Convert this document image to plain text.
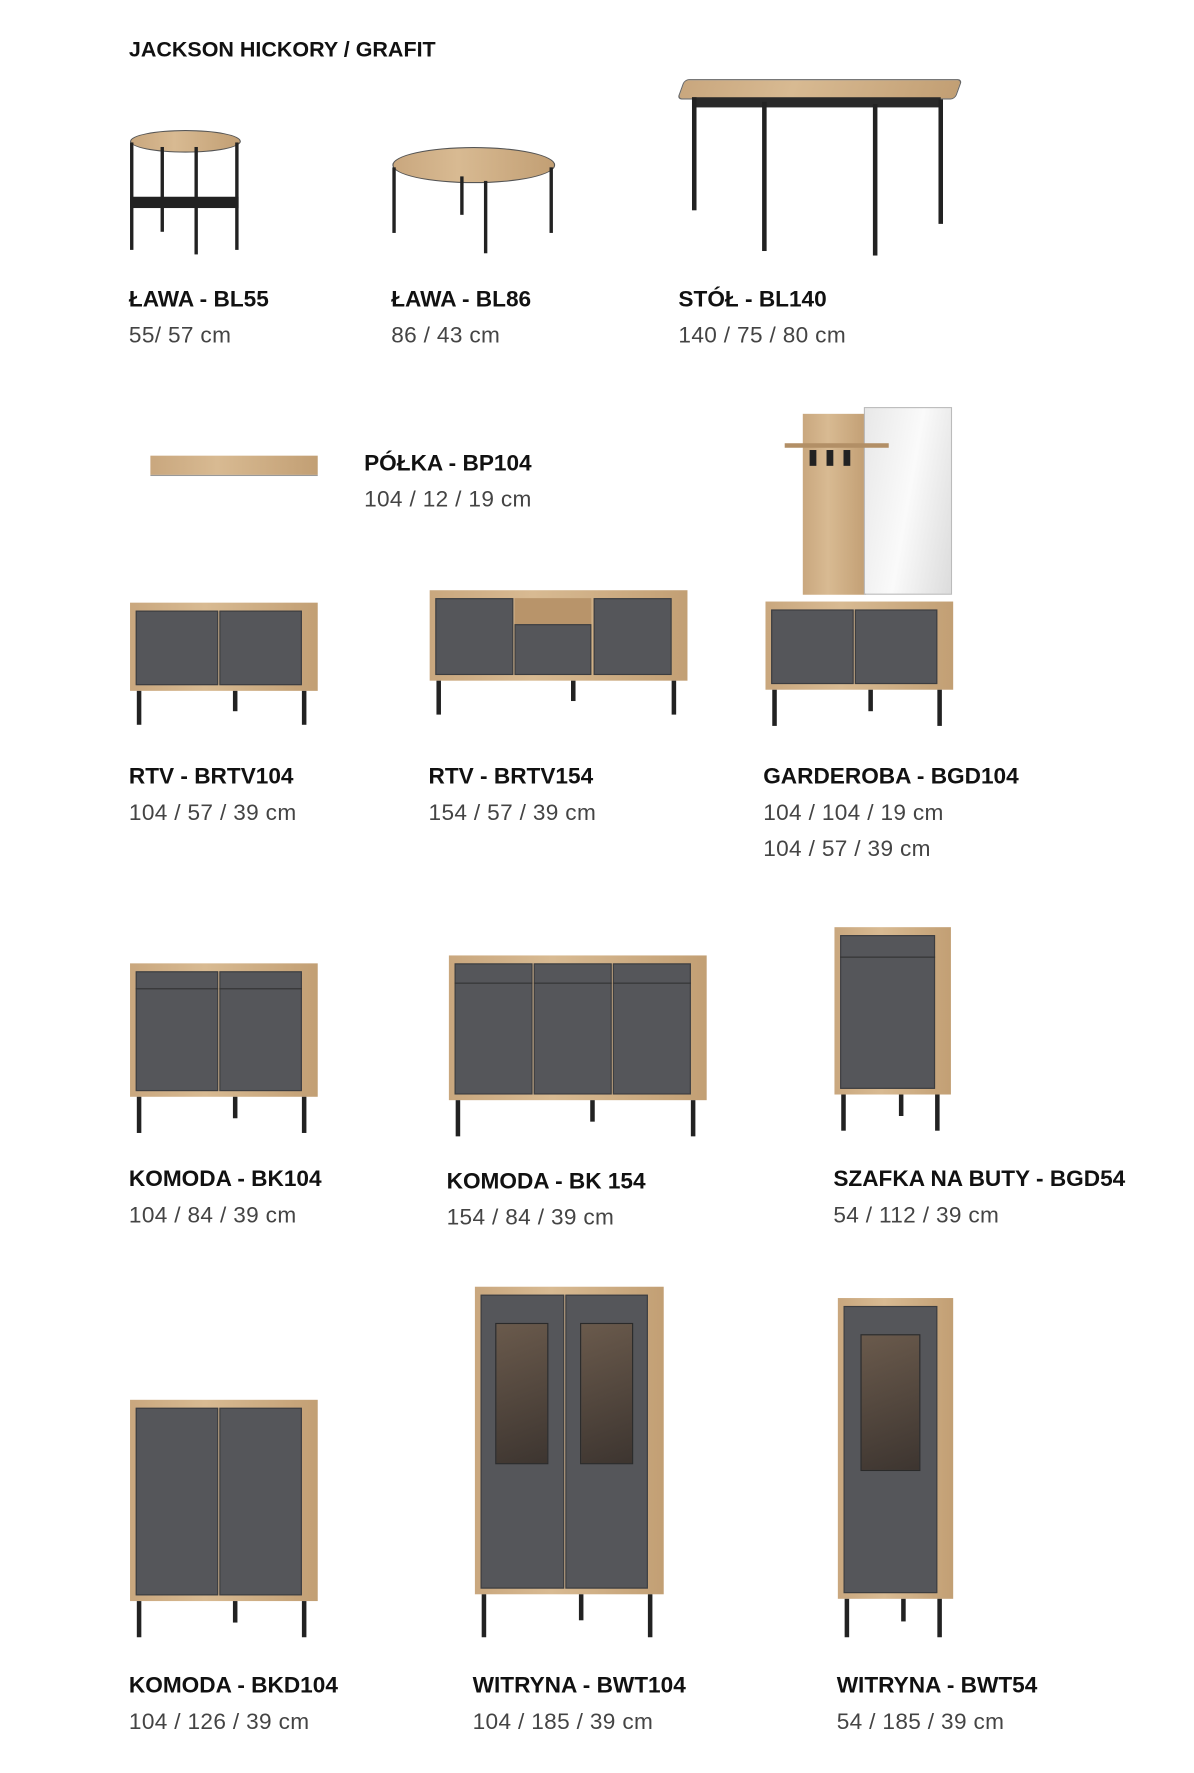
JACKSON HICKORY / GRAFIT
ŁAWA - BL55
55/ 57 cm
ŁAWA - BL86
86 / 43 cm
STÓŁ - BL140
140 / 75 / 80 cm
PÓŁKA - BP104
104 / 12 / 19 cm
RTV - BRTV104
104 / 57 / 39 cm
RTV - BRTV154
154 / 57 / 39 cm
GARDEROBA - BGD104
104 / 104 / 19 cm
104 / 57 / 39 cm
KOMODA - BK104
104 / 84 / 39 cm
KOMODA - BK 154
154 / 84 / 39 cm
SZAFKA NA BUTY - BGD54
54 / 112 / 39 cm
KOMODA - BKD104
104 / 126 / 39 cm
WITRYNA - BWT104
104 / 185 / 39 cm
WITRYNA - BWT54
54 / 185 / 39 cm
